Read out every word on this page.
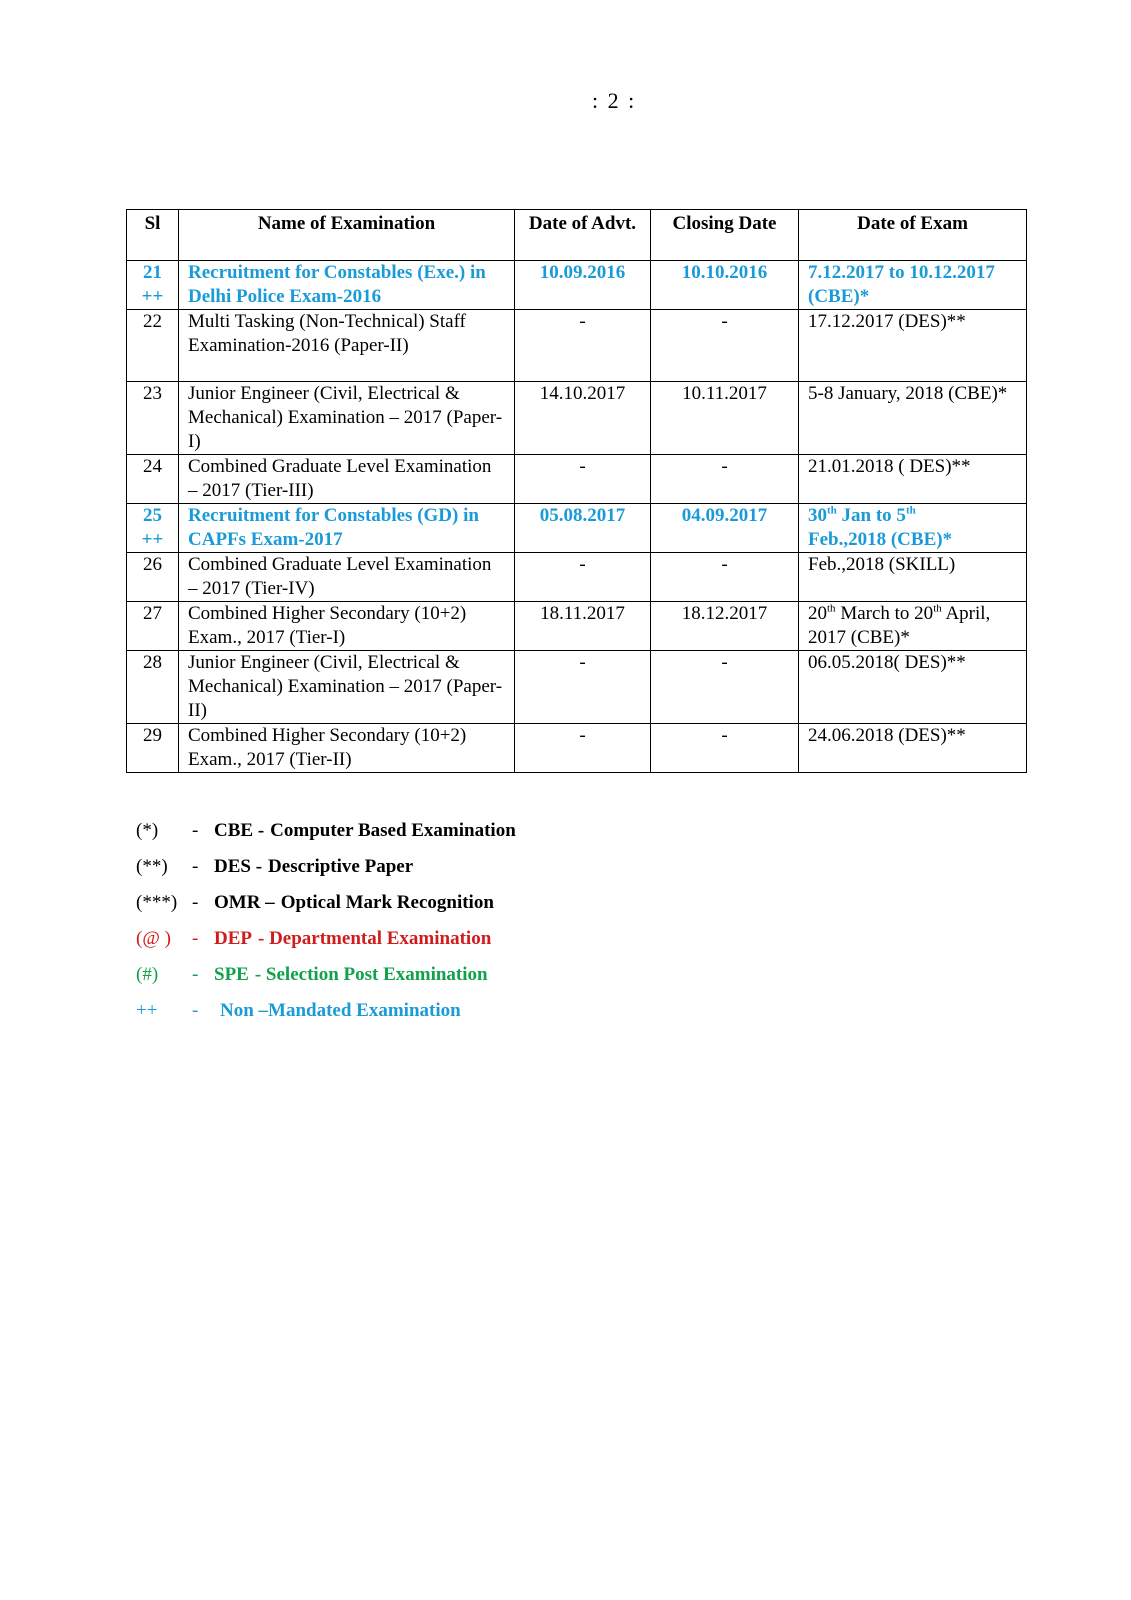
: 2 :
Sl	Name of Examination	Date of Advt.	Closing Date	Date of Exam
21
++	Recruitment for Constables (Exe.) in Delhi Police Exam-2016	10.09.2016	10.10.2016	7.12.2017 to 10.12.2017 (CBE)*
22	Multi Tasking (Non-Technical) Staff Examination-2016 (Paper-II)	-	-	17.12.2017 (DES)**
23	Junior Engineer (Civil, Electrical & Mechanical) Examination – 2017 (Paper-I)	14.10.2017	10.11.2017	5-8 January, 2018 (CBE)*
24	Combined Graduate Level Examination – 2017 (Tier-III)	-	-	21.01.2018 ( DES)**
25
++	Recruitment for Constables (GD) in CAPFs Exam-2017	05.08.2017	04.09.2017	30th Jan to 5th
Feb.,2018 (CBE)*
26	Combined Graduate Level Examination – 2017 (Tier-IV)	-	-	Feb.,2018 (SKILL)
27	Combined Higher Secondary (10+2) Exam., 2017 (Tier-I)	18.11.2017	18.12.2017	20th March to 20th April, 2017 (CBE)*
28	Junior Engineer (Civil, Electrical & Mechanical) Examination – 2017 (Paper-II)	-	-	06.05.2018( DES)**
29	Combined Higher Secondary (10+2) Exam., 2017 (Tier-II)	-	-	24.06.2018 (DES)**
(*)	- CBE - Computer Based Examination
(**)	- DES - Descriptive Paper
(***) - OMR – Optical Mark Recognition
(@ )	- DEP - Departmental Examination
(#)	- SPE - Selection Post Examination
++	-	Non –Mandated Examination
